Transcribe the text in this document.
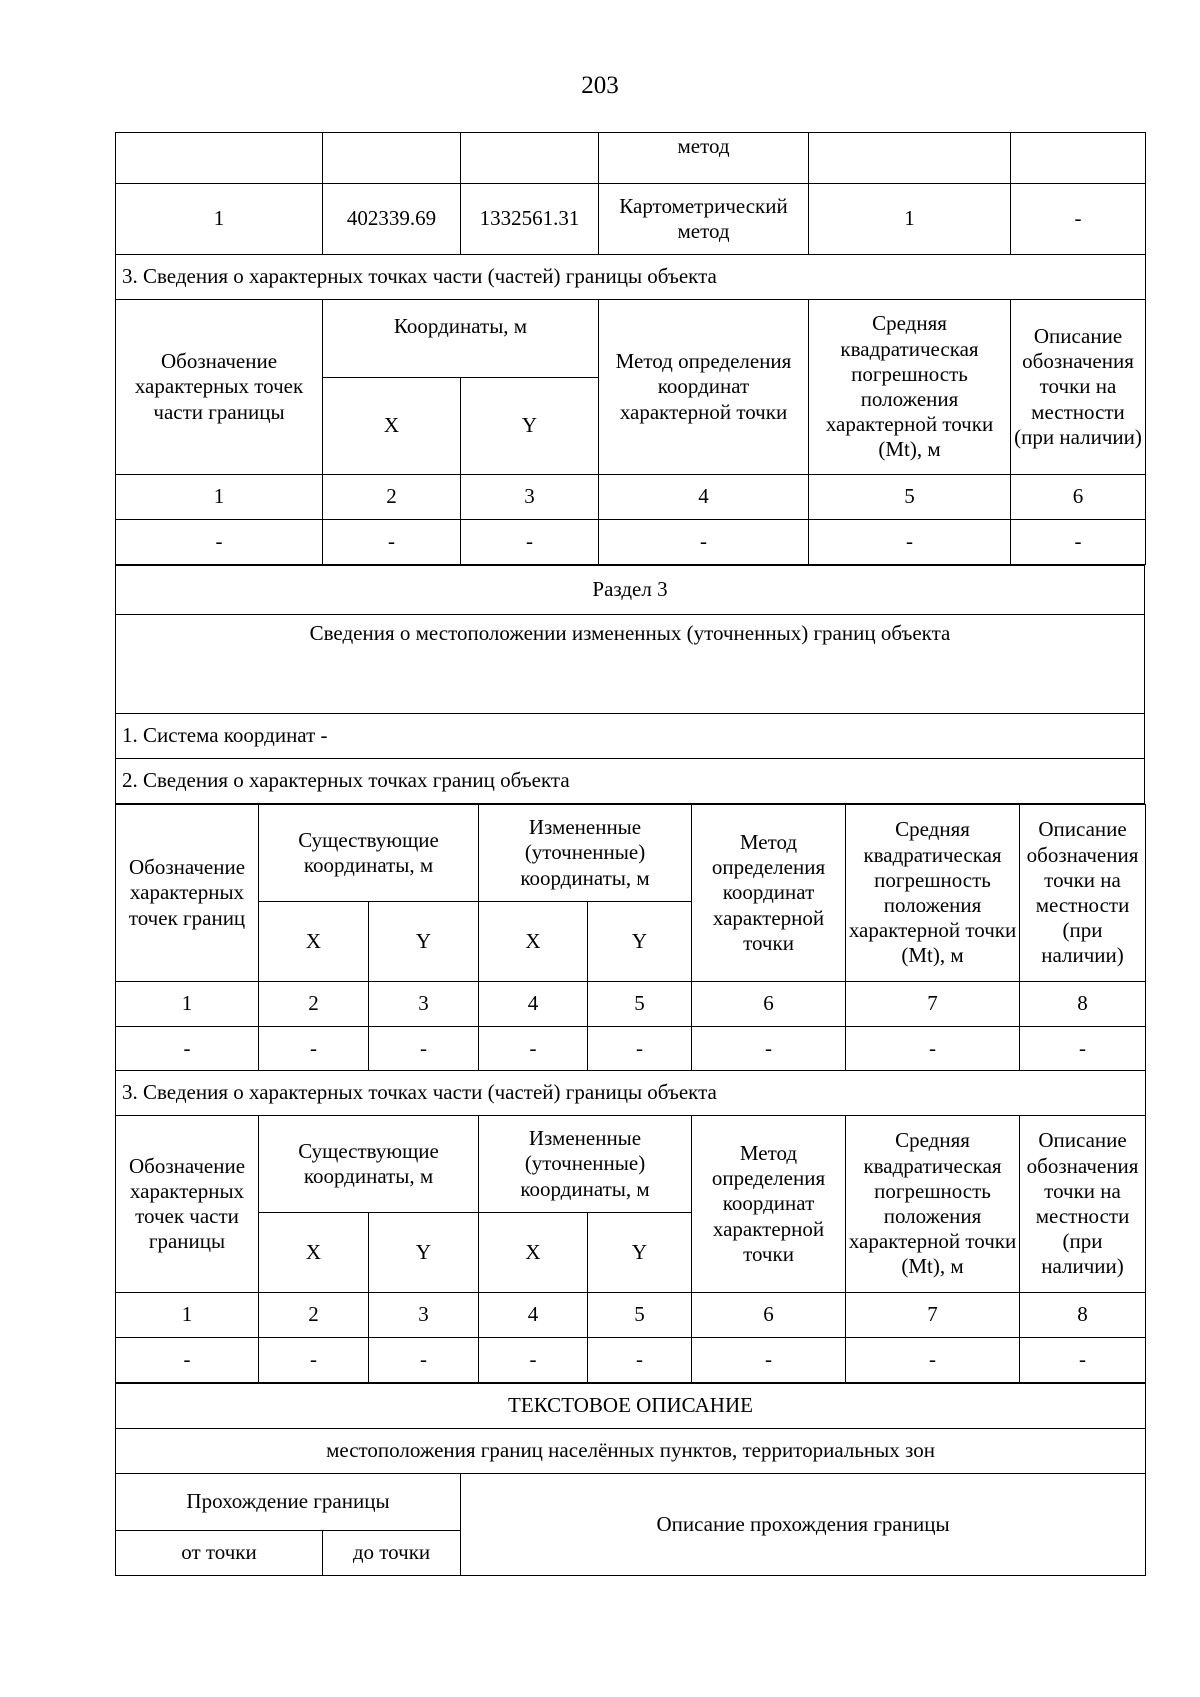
203
			метод		
1	402339.69	1332561.31	Картометрический метод	1	-
3. Сведения о характерных точках части (частей) границы объекта					
Обозначение характерных точек части границы	Координаты, м		Метод определения координат характерной точки	Средняя квадратическая погрешность положения характерной точки (Mt), м	Описание обозначения точки на местности (при наличии)
	X	Y			
1	2	3	4	5	6
-	-	-	-	-	-
Раздел 3
Сведения о местоположении измененных (уточненных) границ объекта
1. Система координат -
2. Сведения о характерных точках границ объекта
Обозначение характерных точек границ	Существующие координаты, м		Измененные (уточненные) координаты, м		Метод определения координат характерной точки	Средняя квадратическая погрешность положения характерной точки (Mt), м	Описание обозначения точки на местности (при наличии)
	X	Y	X	Y			
1	2	3	4	5	6	7	8
-	-	-	-	-	-	-	-
3. Сведения о характерных точках части (частей) границы объекта							
Обозначение характерных точек части границы	Существующие координаты, м		Измененные (уточненные) координаты, м		Метод определения координат характерной точки	Средняя квадратическая погрешность положения характерной точки (Mt), м	Описание обозначения точки на местности (при наличии)
	X	Y	X	Y			
1	2	3	4	5	6	7	8
-	-	-	-	-	-	-	-
ТЕКСТОВОЕ ОПИСАНИЕ		
местоположения границ населённых пунктов, территориальных зон		
Прохождение границы		Описание прохождения границы
от точки	до точки	
